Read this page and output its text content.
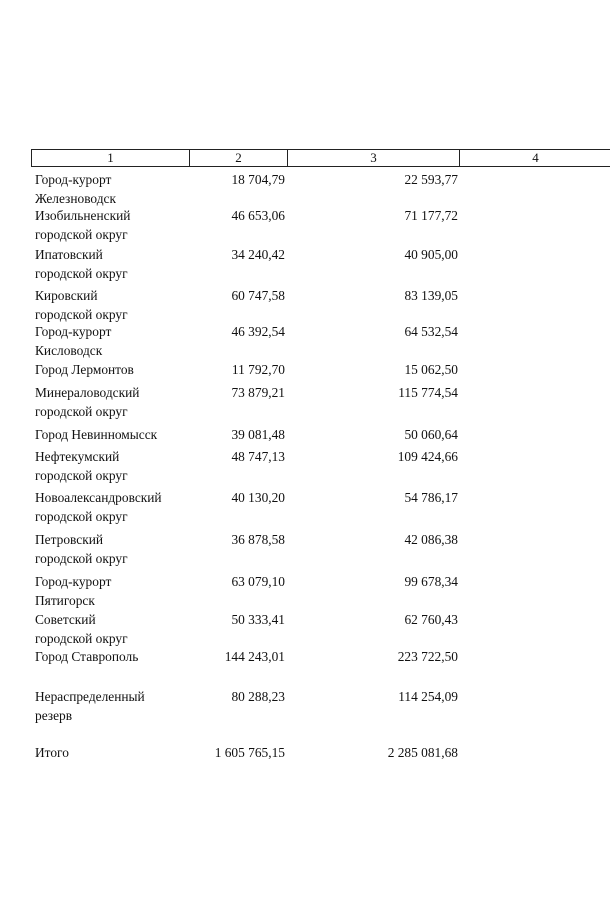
1	2	3	4
Город-курорт
Железноводск
18 704,79	22 593,77
Изобильненский
городской округ
46 653,06	71 177,72
Ипатовский
городской округ
34 240,42	40 905,00
Кировский
городской округ
60 747,58	83 139,05
Город-курорт
Кисловодск
46 392,54	64 532,54
Город Лермонтов	11 792,70	15 062,50
Минераловодский
городской округ
73 879,21	115 774,54
Город Невинномысск	39 081,48	50 060,64
Нефтекумский
городской округ
48 747,13	109 424,66
Новоалександровский
городской округ
40 130,20	54 786,17
Петровский
городской округ
36 878,58	42 086,38
Город-курорт
Пятигорск
63 079,10	99 678,34
Советский
городской округ
50 333,41	62 760,43
Город Ставрополь	144 243,01	223 722,50
Нераспределенный
резерв
80 288,23	114 254,09
Итого	1 605 765,15	2 285 081,68
